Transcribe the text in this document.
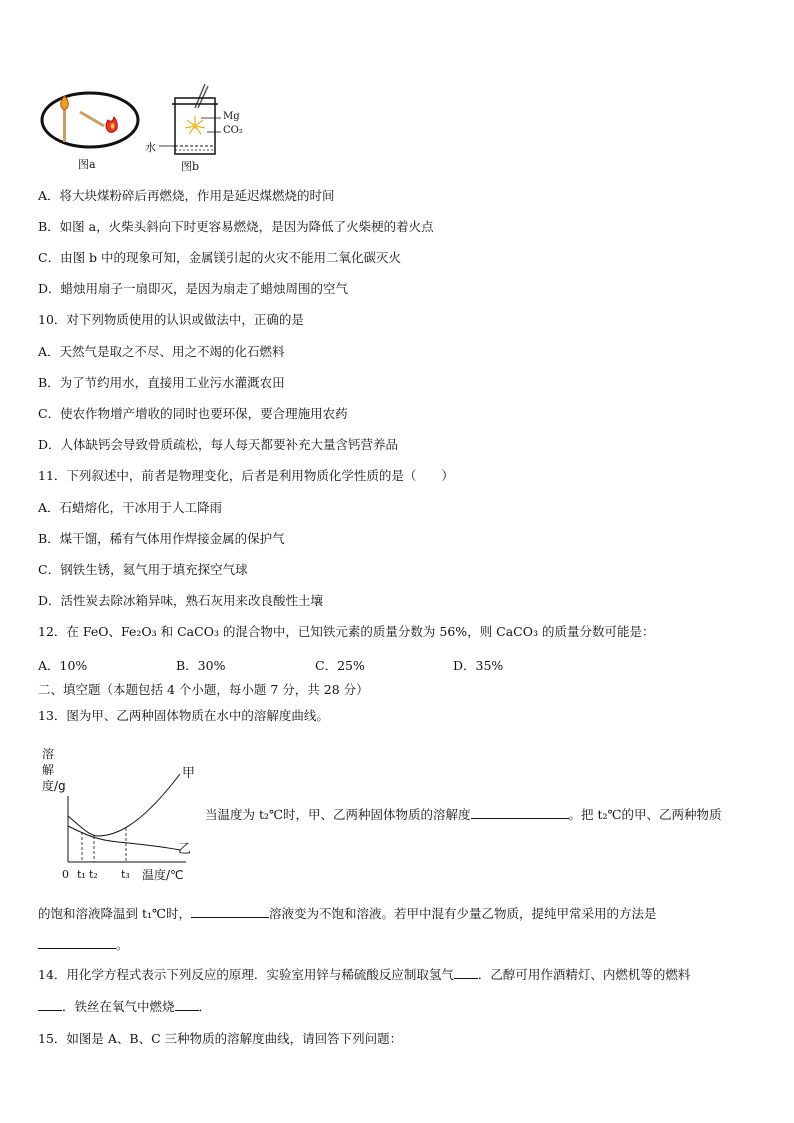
图a
Mg
CO₂
水
图b
A．将大块煤粉碎后再燃烧，作用是延迟煤燃烧的时间
B．如图 a，火柴头斜向下时更容易燃烧，是因为降低了火柴梗的着火点
C．由图 b 中的现象可知，金属镁引起的火灾不能用二氧化碳灭火
D．蜡烛用扇子一扇即灭，是因为扇走了蜡烛周围的空气
10．对下列物质使用的认识或做法中，正确的是
A．天然气是取之不尽、用之不竭的化石燃料
B．为了节约用水，直接用工业污水灌溉农田
C．使农作物增产增收的同时也要环保，要合理施用农药
D．人体缺钙会导致骨质疏松，每人每天都要补充大量含钙营养品
11．下列叙述中，前者是物理变化，后者是利用物质化学性质的是（　　）
A．石蜡熔化，干冰用于人工降雨
B．煤干馏，稀有气体用作焊接金属的保护气
C．钢铁生锈，氦气用于填充探空气球
D．活性炭去除冰箱异味，熟石灰用来改良酸性土壤
12．在 FeO、Fe₂O₃ 和 CaCO₃ 的混合物中，已知铁元素的质量分数为 56%，则 CaCO₃ 的质量分数可能是：
A．10%	B．30%	C．25%	D．35%
二、填空题（本题包括 4 个小题，每小题 7 分，共 28 分）
13．图为甲、乙两种固体物质在水中的溶解度曲线。
溶解度/g
0 t₁ t₂ t₃ 温度/℃
甲
乙
当温度为 t₂℃时，甲、乙两种固体物质的溶解度	。把 t₂℃的甲、乙两种物质
的饱和溶液降温到 t₁℃时，	溶液变为不饱和溶液。若甲中混有少量乙物质，提纯甲常采用的方法是
。
14．用化学方程式表示下列反应的原理．实验室用锌与稀硫酸反应制取氢气 ．乙醇可用作酒精灯、内燃机等的燃料
．铁丝在氧气中燃烧 ．
15．如图是 A、B、C 三种物质的溶解度曲线，请回答下列问题：
